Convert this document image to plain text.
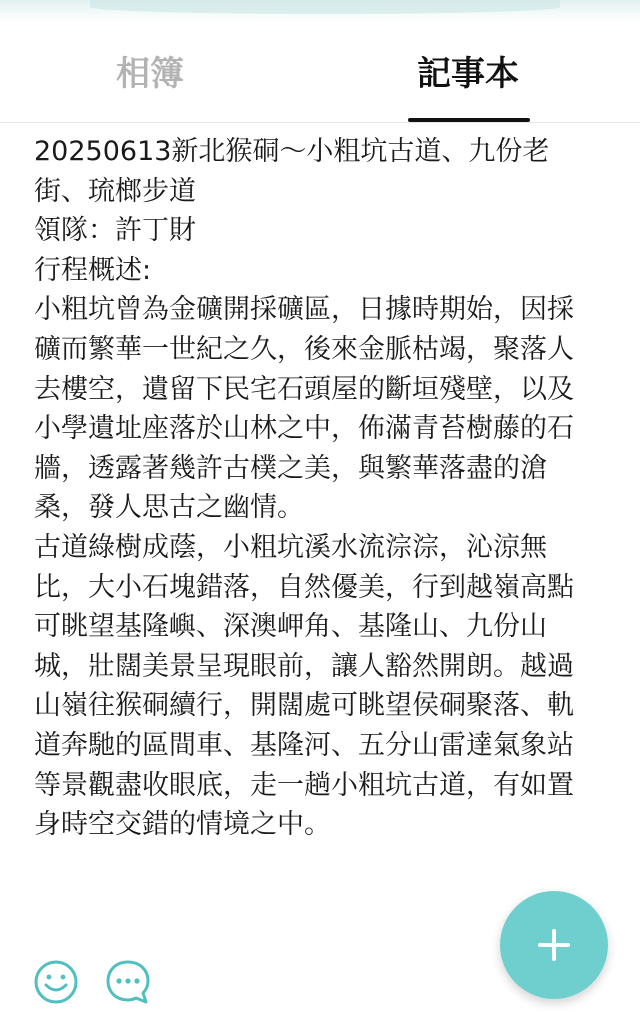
相簿	記事本

20250613新北猴硐～小粗坑古道、九份老街、琉榔步道

領隊：許丁財

行程概述:

小粗坑曾為金礦開採礦區，日據時期始，因採礦而繁華一世紀之久，後來金脈枯竭，聚落人去樓空，遺留下民宅石頭屋的斷垣殘壁，以及小學遺址座落於山林之中，佈滿青苔樹藤的石牆，透露著幾許古樸之美，與繁華落盡的滄桑，發人思古之幽情。

古道綠樹成蔭，小粗坑溪水流淙淙，沁涼無比，大小石塊錯落，自然優美，行到越嶺高點可眺望基隆嶼、深澳岬角、基隆山、九份山城，壯闊美景呈現眼前，讓人豁然開朗。越過山嶺往猴硐續行，開闊處可眺望侯硐聚落、軌道奔馳的區間車、基隆河、五分山雷達氣象站等景觀盡收眼底，走一趟小粗坑古道，有如置身時空交錯的情境之中。
